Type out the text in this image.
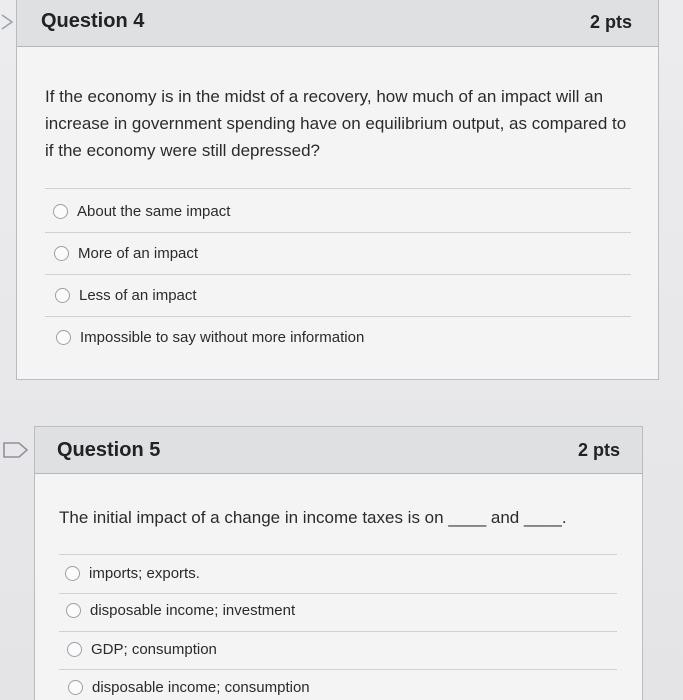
Question 4	2 pts
If the economy is in the midst of a recovery, how much of an impact will an increase in government spending have on equilibrium output, as compared to if the economy were still depressed?
About the same impact
More of an impact
Less of an impact
Impossible to say without more information
Question 5	2 pts
The initial impact of a change in income taxes is on ____ and ____.
imports; exports.
disposable income; investment
GDP; consumption
disposable income; consumption
